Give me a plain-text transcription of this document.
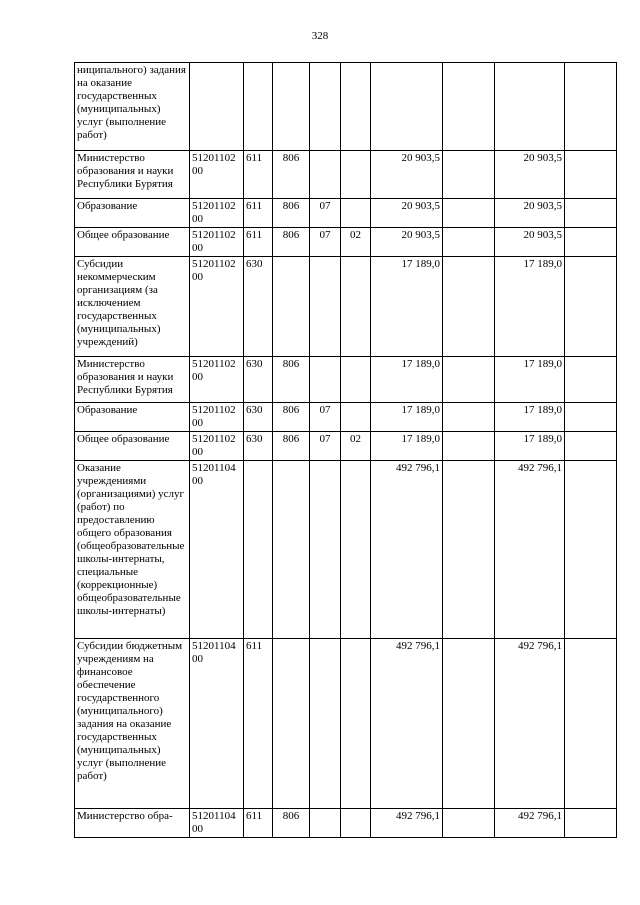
328
ниципального) задания на оказание государственных (муниципальных) услуг (выполнение работ)									
Министерство образования и науки Республики Бурятия	5120110200	611	806			20 903,5		20 903,5	
Образование	5120110200	611	806	07		20 903,5		20 903,5	
Общее образование	5120110200	611	806	07	02	20 903,5		20 903,5	
Субсидии некоммерческим организациям (за исключением государственных (муниципальных) учреждений)	5120110200	630				17 189,0		17 189,0	
Министерство образования и науки Республики Бурятия	5120110200	630	806			17 189,0		17 189,0	
Образование	5120110200	630	806	07		17 189,0		17 189,0	
Общее образование	5120110200	630	806	07	02	17 189,0		17 189,0	
Оказание учреждениями (организациями) услуг (работ) по предоставлению общего образования (общеобразовательные школы-интернаты, специальные (коррекционные) общеобразовательные школы-интернаты)	5120110400					492 796,1		492 796,1	
Субсидии бюджетным учреждениям на финансовое обеспечение государственного (муниципального) задания на оказание государственных (муниципальных) услуг (выполнение работ)	5120110400	611				492 796,1		492 796,1	
Министерство обра-	5120110400	611	806			492 796,1		492 796,1	
